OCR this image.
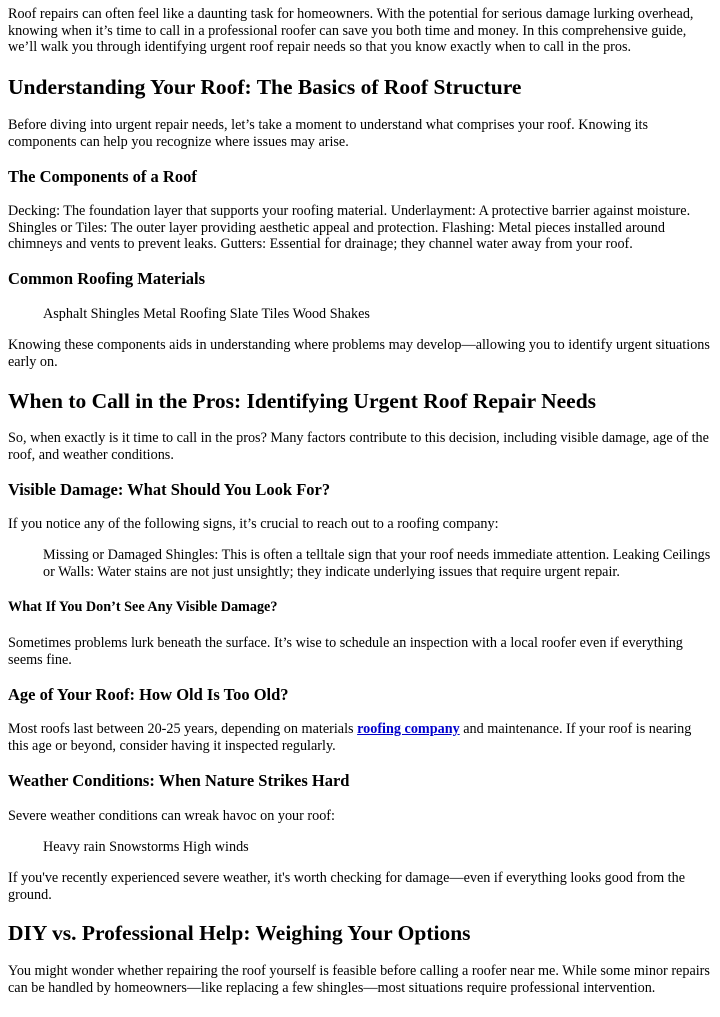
Roof repairs can often feel like a daunting task for homeowners. With the potential for serious damage lurking overhead, knowing when it’s time to call in a professional roofer can save you both time and money. In this comprehensive guide, we’ll walk you through identifying urgent roof repair needs so that you know exactly when to call in the pros.

Understanding Your Roof: The Basics of Roof Structure

Before diving into urgent repair needs, let’s take a moment to understand what comprises your roof. Knowing its components can help you recognize where issues may arise.

The Components of a Roof

Decking: The foundation layer that supports your roofing material. Underlayment: A protective barrier against moisture. Shingles or Tiles: The outer layer providing aesthetic appeal and protection. Flashing: Metal pieces installed around chimneys and vents to prevent leaks. Gutters: Essential for drainage; they channel water away from your roof.

Common Roofing Materials

Asphalt Shingles Metal Roofing Slate Tiles Wood Shakes

Knowing these components aids in understanding where problems may develop—allowing you to identify urgent situations early on.

When to Call in the Pros: Identifying Urgent Roof Repair Needs

So, when exactly is it time to call in the pros? Many factors contribute to this decision, including visible damage, age of the roof, and weather conditions.

Visible Damage: What Should You Look For?

If you notice any of the following signs, it’s crucial to reach out to a roofing company:

Missing or Damaged Shingles: This is often a telltale sign that your roof needs immediate attention. Leaking Ceilings or Walls: Water stains are not just unsightly; they indicate underlying issues that require urgent repair.

What If You Don’t See Any Visible Damage?

Sometimes problems lurk beneath the surface. It’s wise to schedule an inspection with a local roofer even if everything seems fine.

Age of Your Roof: How Old Is Too Old?

Most roofs last between 20-25 years, depending on materials roofing company and maintenance. If your roof is nearing this age or beyond, consider having it inspected regularly.

Weather Conditions: When Nature Strikes Hard

Severe weather conditions can wreak havoc on your roof:

Heavy rain Snowstorms High winds

If you've recently experienced severe weather, it's worth checking for damage—even if everything looks good from the ground.

DIY vs. Professional Help: Weighing Your Options

You might wonder whether repairing the roof yourself is feasible before calling a roofer near me. While some minor repairs can be handled by homeowners—like replacing a few shingles—most situations require professional intervention.
